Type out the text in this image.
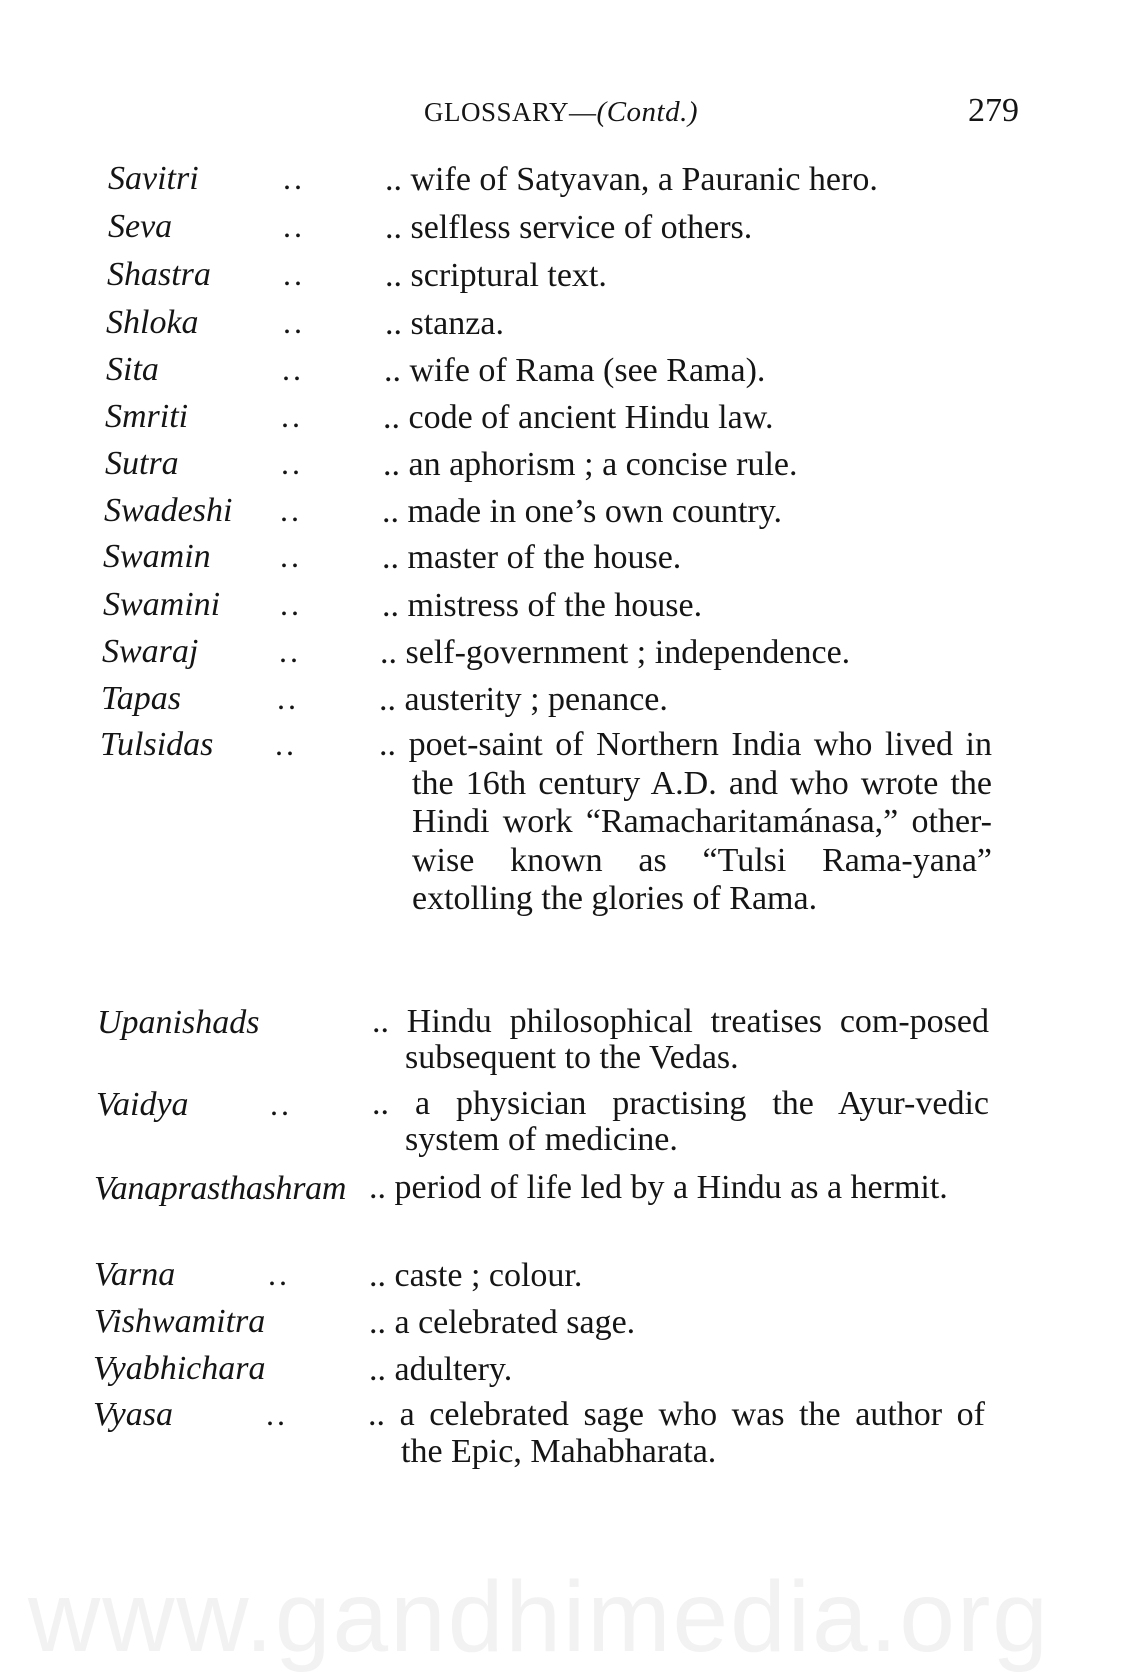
GLOSSARY—(Contd.)	279
Savitri	.. .. wife of Satyavan, a Pauranic hero.
Seva	.. .. selfless service of others.
Shastra .. .. scriptural text.
Shloka	.. .. stanza.
Sita	.. .. wife of Rama (see Rama).
Smriti	.. .. code of ancient Hindu law.
Sutra	.. .. an aphorism ; a concise rule.
Swadeshi .. .. made in one’s own country.
Swamin .. .. master of the house.
Swamini .. .. mistress of the house.
Swaraj	.. .. self-government ; independence.
Tapas	.. .. austerity ; penance.
Tulsidas .. .. poet-saint of Northern India who lived in the 16th century A.D. and who wrote the Hindi work “Ramacharitamánasa,” other-wise known as “Tulsi Rama-yana” extolling the glories of Rama.
Upanishads	.. Hindu philosophical treatises com-posed subsequent to the Vedas.
Vaidya	.. .. a physician practising the Ayur-vedic system of medicine.
Vanaprasthashram .. period of life led by a Hindu as a hermit.
Varna	.. .. caste ; colour.
Vishwamitra	.. a celebrated sage.
Vyabhichara	.. adultery.
Vyasa	.. .. a celebrated sage who was the author of the Epic, Mahabharata.
www.gandhimedia.org
